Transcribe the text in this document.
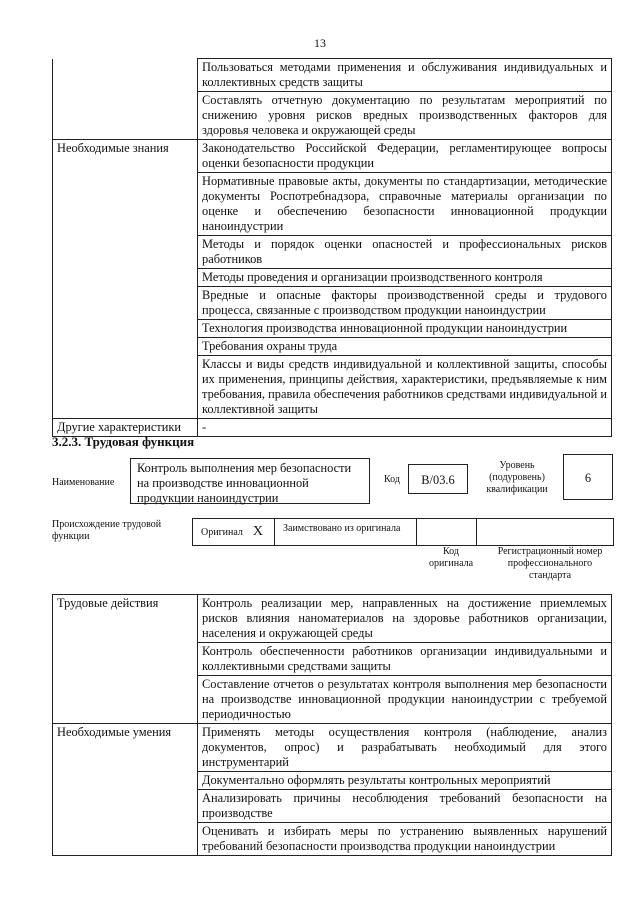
13
	Пользоваться методами применения и обслуживания индивидуальных и коллективных средств защиты
	Составлять отчетную документацию по результатам мероприятий по снижению уровня рисков вредных производственных факторов для здоровья человека и окружающей среды
Необходимые знания	Законодательство Российской Федерации, регламентирующее вопросы оценки безопасности продукции
	Нормативные правовые акты, документы по стандартизации, методические документы Роспотребнадзора, справочные материалы организации по оценке и обеспечению безопасности инновационной продукции наноиндустрии
	Методы и порядок оценки опасностей и профессиональных рисков работников
	Методы проведения и организации производственного контроля
	Вредные и опасные факторы производственной среды и трудового процесса, связанные с производством продукции наноиндустрии
	Технология производства инновационной продукции наноиндустрии
	Требования охраны труда
	Классы и виды средств индивидуальной и коллективной защиты, способы их применения, принципы действия, характеристики, предъявляемые к ним требования, правила обеспечения работников средствами индивидуальной и коллективной защиты
Другие характеристики	-
3.2.3. Трудовая функция
Наименование
Контроль выполнения мер безопасности на производстве инновационной продукции наноиндустрии
Код	B/03.6
Уровень (подуровень) квалификации
6
Происхождение трудовой функции	Оригинал X	Заимствовано из оригинала
Код оригинала
Регистрационный номер профессионального стандарта
Трудовые действия	Контроль реализации мер, направленных на достижение приемлемых рисков влияния наноматериалов на здоровье работников организации, населения и окружающей среды
	Контроль обеспеченности работников организации индивидуальными и коллективными средствами защиты
	Составление отчетов о результатах контроля выполнения мер безопасности на производстве инновационной продукции наноиндустрии с требуемой периодичностью
Необходимые умения	Применять методы осуществления контроля (наблюдение, анализ документов, опрос) и разрабатывать необходимый для этого инструментарий
	Документально оформлять результаты контрольных мероприятий
	Анализировать причины несоблюдения требований безопасности на производстве
	Оценивать и избирать меры по устранению выявленных нарушений требований безопасности производства продукции наноиндустрии
